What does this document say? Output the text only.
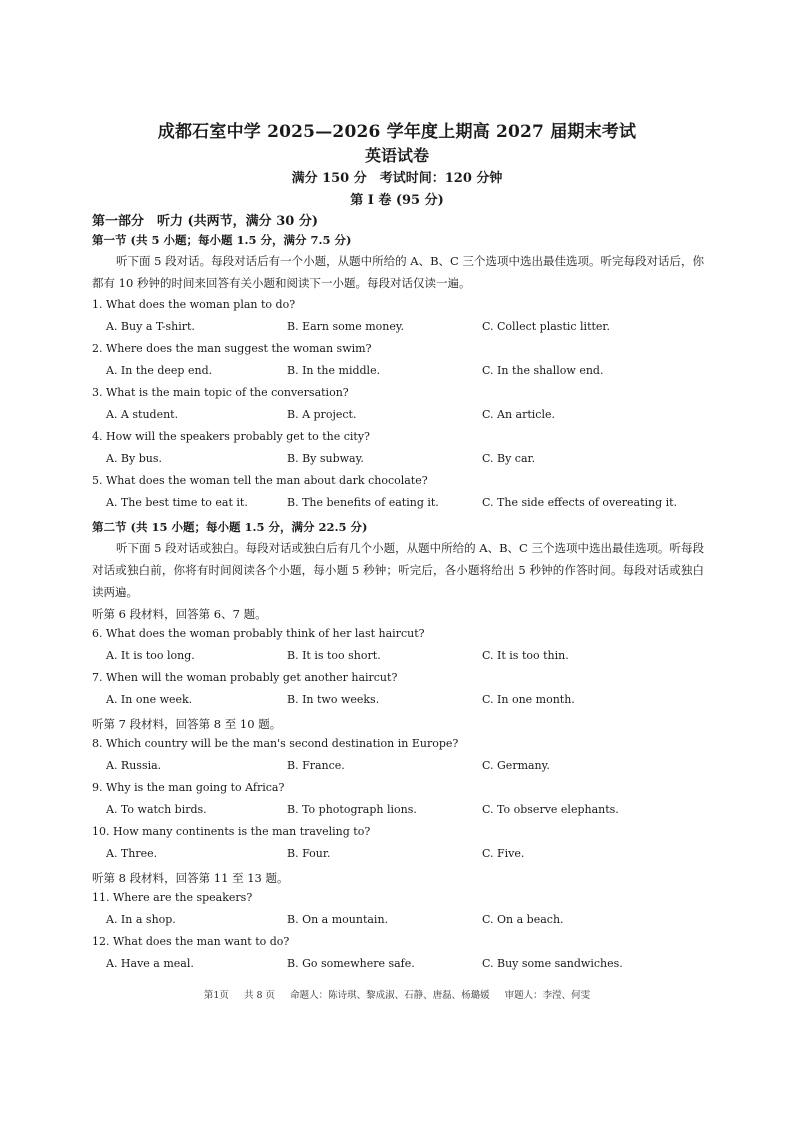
成都石室中学 2025—2026 学年度上期高 2027 届期末考试
英语试卷
满分 150 分　考试时间：120 分钟
第 I 卷 (95 分)
第一部分　听力 (共两节，满分 30 分)
第一节 (共 5 小题；每小题 1.5 分，满分 7.5 分)
听下面 5 段对话。每段对话后有一个小题，从题中所给的 A、B、C 三个选项中选出最佳选项。听完每段对话后，你都有 10 秒钟的时间来回答有关小题和阅读下一小题。每段对话仅读一遍。
1. What does the woman plan to do?
A. Buy a T-shirt.	B. Earn some money.	C. Collect plastic litter.
2. Where does the man suggest the woman swim?
A. In the deep end.	B. In the middle.	C. In the shallow end.
3. What is the main topic of the conversation?
A. A student.	B. A project.	C. An article.
4. How will the speakers probably get to the city?
A. By bus.	B. By subway.	C. By car.
5. What does the woman tell the man about dark chocolate?
A. The best time to eat it.	B. The benefits of eating it.	C. The side effects of overeating it.
第二节 (共 15 小题；每小题 1.5 分，满分 22.5 分)
听下面 5 段对话或独白。每段对话或独白后有几个小题，从题中所给的 A、B、C 三个选项中选出最佳选项。听每段对话或独白前，你将有时间阅读各个小题，每小题 5 秒钟；听完后，各小题将给出 5 秒钟的作答时间。每段对话或独白读两遍。
听第 6 段材料，回答第 6、7 题。
6. What does the woman probably think of her last haircut?
A. It is too long.	B. It is too short.	C. It is too thin.
7. When will the woman probably get another haircut?
A. In one week.	B. In two weeks.	C. In one month.
听第 7 段材料，回答第 8 至 10 题。
8. Which country will be the man's second destination in Europe?
A. Russia.	B. France.	C. Germany.
9. Why is the man going to Africa?
A. To watch birds.	B. To photograph lions.	C. To observe elephants.
10. How many continents is the man traveling to?
A. Three.	B. Four.	C. Five.
听第 8 段材料，回答第 11 至 13 题。
11. Where are the speakers?
A. In a shop.	B. On a mountain.	C. On a beach.
12. What does the man want to do?
A. Have a meal.	B. Go somewhere safe.	C. Buy some sandwiches.
第1页 共 8 页 命题人：陈诗琪、黎成淑、石静、唐磊、杨璐媛 审题人：李滢、何雯
